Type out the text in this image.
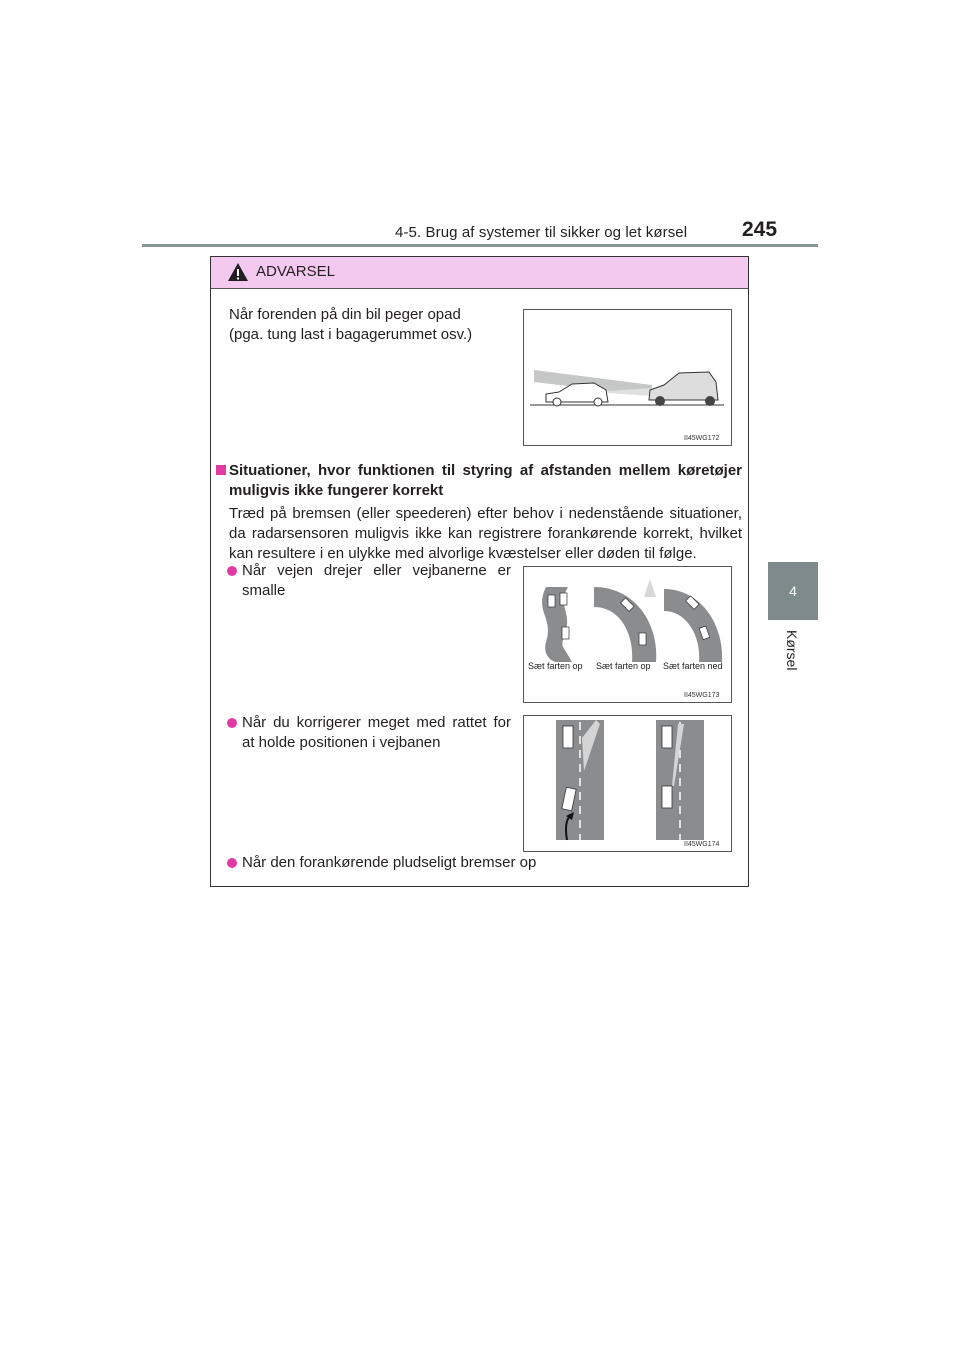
4-5. Brug af systemer til sikker og let kørsel	245
4
Kørsel
ADVARSEL
Når forenden på din bil peger opad
(pga. tung last i bagagerummet osv.)
II45WG172
Situationer, hvor funktionen til styring af afstanden mellem køretøjer
muligvis ikke fungerer korrekt
Træd på bremsen (eller speederen) efter behov i nedenstående situationer,
da radarsensoren muligvis ikke kan registrere forankørende korrekt, hvilket
kan resultere i en ulykke med alvorlige kvæstelser eller døden til følge.
Når vejen drejer eller vejbanerne er
smalle
Sæt farten op Sæt farten op Sæt farten ned
II45WG173
Når du korrigerer meget med rattet for
at holde positionen i vejbanen
II45WG174
Når den forankørende pludseligt bremser op
